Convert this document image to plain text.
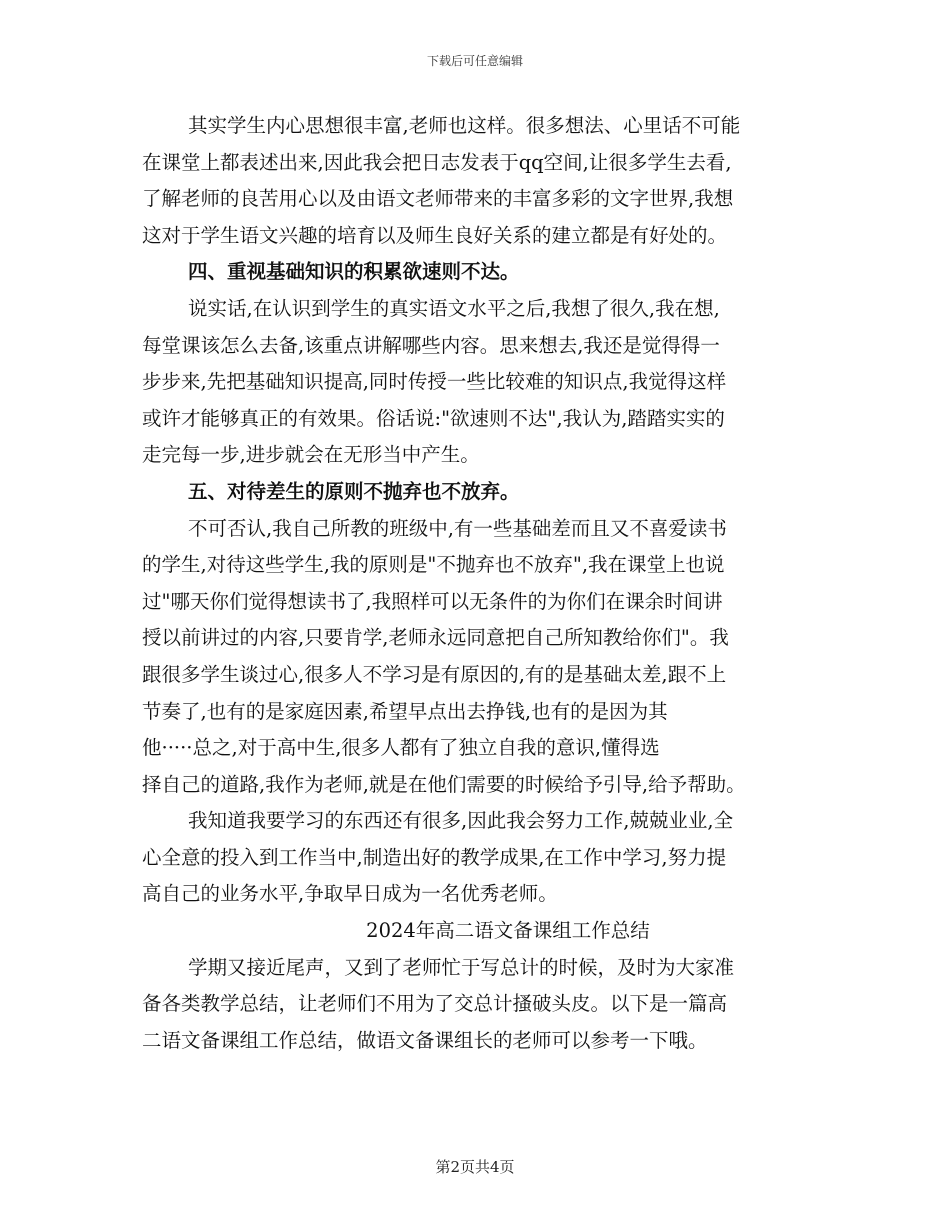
下载后可任意编辑
其实学生内心思想很丰富,老师也这样。很多想法、心里话不可能
在课堂上都表述出来,因此我会把日志发表于qq空间,让很多学生去看,
了解老师的良苦用心以及由语文老师带来的丰富多彩的文字世界,我想
这对于学生语文兴趣的培育以及师生良好关系的建立都是有好处的。
四、重视基础知识的积累欲速则不达。
说实话,在认识到学生的真实语文水平之后,我想了很久,我在想,
每堂课该怎么去备,该重点讲解哪些内容。思来想去,我还是觉得得一
步步来,先把基础知识提高,同时传授一些比较难的知识点,我觉得这样
或许才能够真正的有效果。俗话说:"欲速则不达",我认为,踏踏实实的
走完每一步,进步就会在无形当中产生。
五、对待差生的原则不抛弃也不放弃。
不可否认,我自己所教的班级中,有一些基础差而且又不喜爱读书
的学生,对待这些学生,我的原则是"不抛弃也不放弃",我在课堂上也说
过"哪天你们觉得想读书了,我照样可以无条件的为你们在课余时间讲
授以前讲过的内容,只要肯学,老师永远同意把自己所知教给你们"。我
跟很多学生谈过心,很多人不学习是有原因的,有的是基础太差,跟不上
节奏了,也有的是家庭因素,希望早点出去挣钱,也有的是因为其
他·····总之,对于高中生,很多人都有了独立自我的意识,懂得选
择自己的道路,我作为老师,就是在他们需要的时候给予引导,给予帮助。
我知道我要学习的东西还有很多,因此我会努力工作,兢兢业业,全
心全意的投入到工作当中,制造出好的教学成果,在工作中学习,努力提
高自己的业务水平,争取早日成为一名优秀老师。
2024年高二语文备课组工作总结
学期又接近尾声，又到了老师忙于写总计的时候，及时为大家准
备各类教学总结，让老师们不用为了交总计搔破头皮。以下是一篇高
二语文备课组工作总结，做语文备课组长的老师可以参考一下哦。
第2页共4页
